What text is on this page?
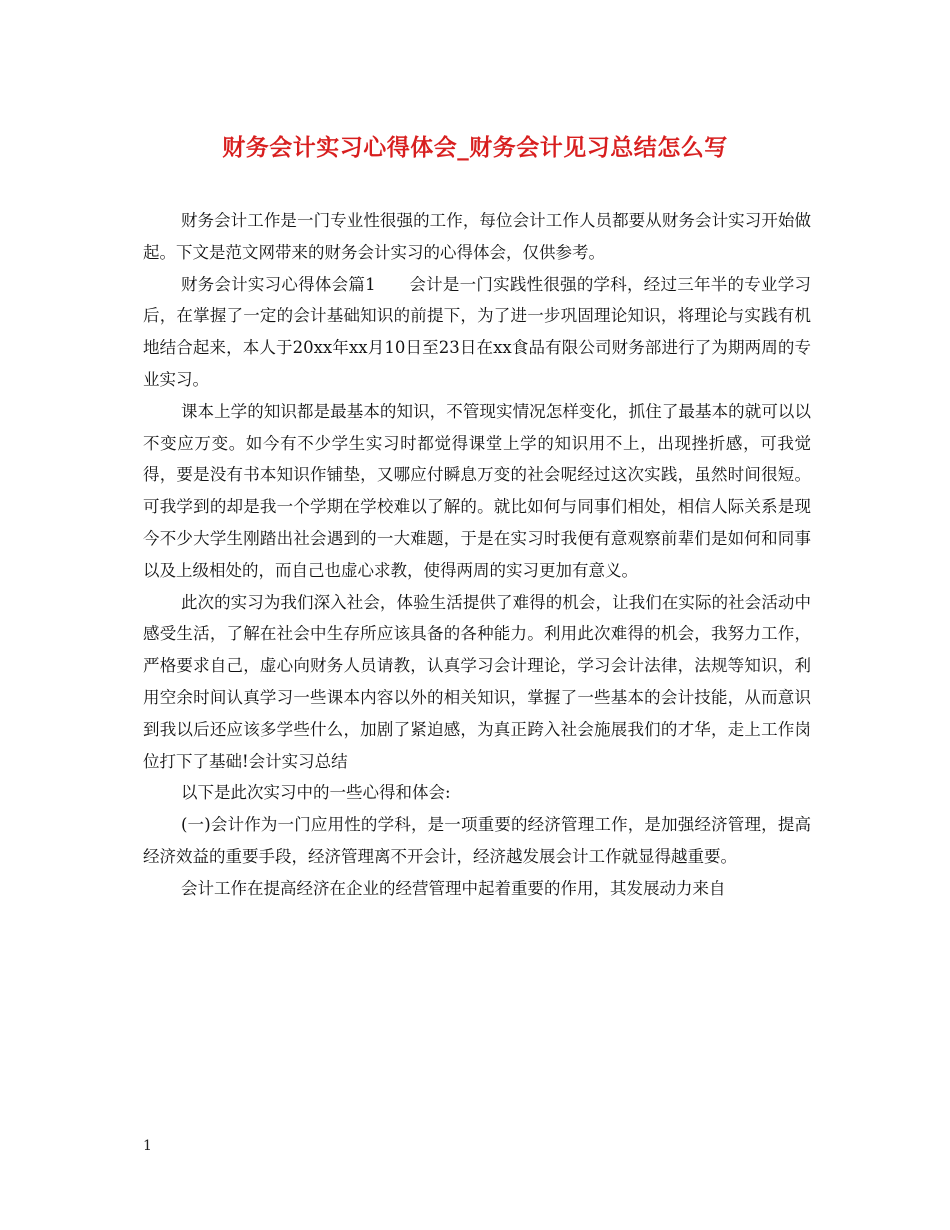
财务会计实习心得体会_财务会计见习总结怎么写

财务会计工作是一门专业性很强的工作，每位会计工作人员都要从财务会计实习开始做起。下文是范文网带来的财务会计实习的心得体会，仅供参考。

财务会计实习心得体会篇1　　会计是一门实践性很强的学科，经过三年半的专业学习后，在掌握了一定的会计基础知识的前提下，为了进一步巩固理论知识，将理论与实践有机地结合起来，本人于20xx年xx月10日至23日在xx食品有限公司财务部进行了为期两周的专业实习。

课本上学的知识都是最基本的知识，不管现实情况怎样变化，抓住了最基本的就可以以不变应万变。如今有不少学生实习时都觉得课堂上学的知识用不上，出现挫折感，可我觉得，要是没有书本知识作铺垫，又哪应付瞬息万变的社会呢经过这次实践，虽然时间很短。可我学到的却是我一个学期在学校难以了解的。就比如何与同事们相处，相信人际关系是现今不少大学生刚踏出社会遇到的一大难题，于是在实习时我便有意观察前辈们是如何和同事以及上级相处的，而自己也虚心求教，使得两周的实习更加有意义。

此次的实习为我们深入社会，体验生活提供了难得的机会，让我们在实际的社会活动中感受生活，了解在社会中生存所应该具备的各种能力。利用此次难得的机会，我努力工作，严格要求自己，虚心向财务人员请教，认真学习会计理论，学习会计法律，法规等知识，利用空余时间认真学习一些课本内容以外的相关知识，掌握了一些基本的会计技能，从而意识到我以后还应该多学些什么，加剧了紧迫感，为真正跨入社会施展我们的才华，走上工作岗位打下了基础!会计实习总结

以下是此次实习中的一些心得和体会:

(一)会计作为一门应用性的学科，是一项重要的经济管理工作，是加强经济管理，提高经济效益的重要手段，经济管理离不开会计，经济越发展会计工作就显得越重要。

会计工作在提高经济在企业的经营管理中起着重要的作用，其发展动力来自

1
